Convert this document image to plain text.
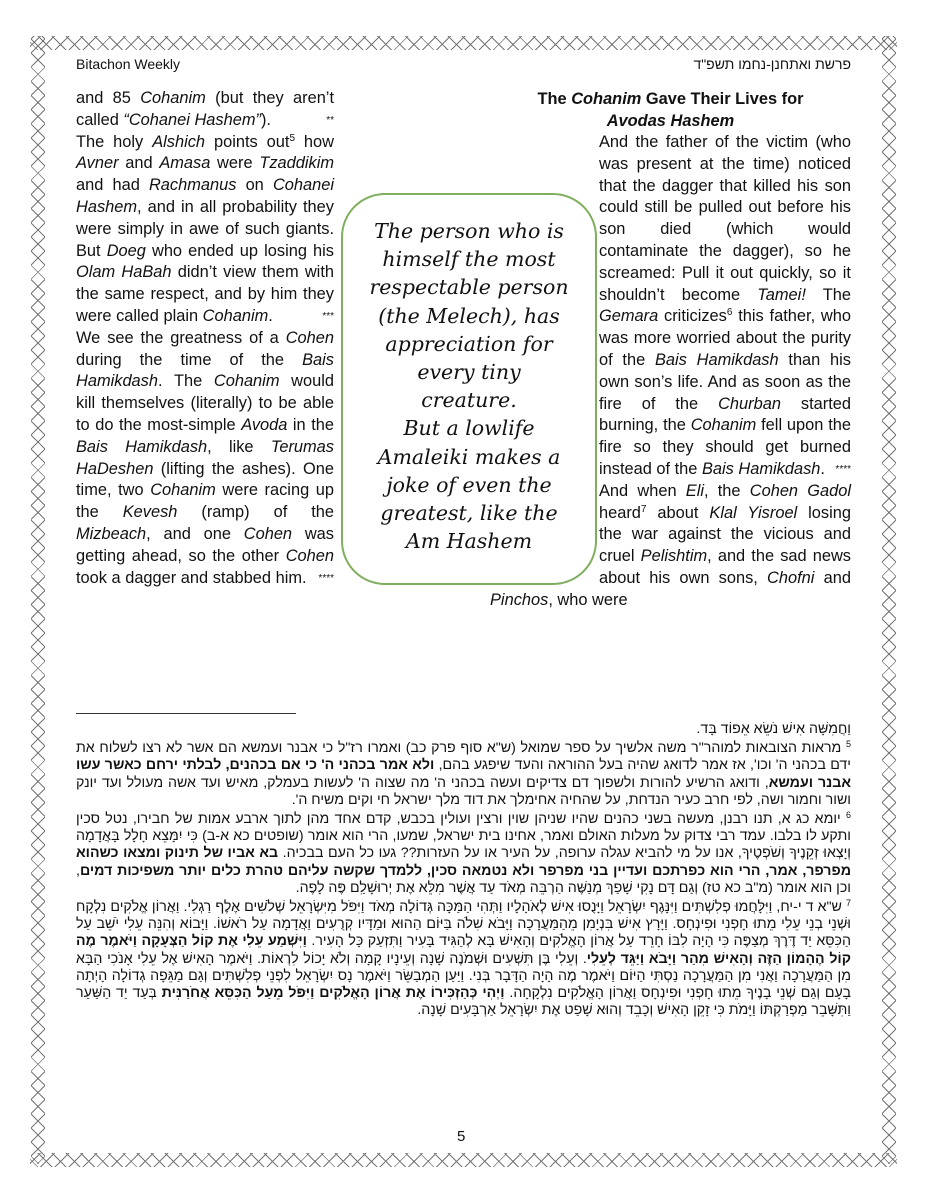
Bitachon Weekly	פרשת ואתחנן-נחמו תשפ"ד

and 85 Cohanim (but they aren’t called “Cohanei Hashem”).	**

The holy Alshich points out$^5$ how Avner and Amasa were Tzaddikim and had Rachmanus on Cohanei Hashem, and in all probability they were simply in awe of such giants. But Doeg who ended up losing his Olam HaBah didn’t view them with the same respect, and by him they were called plain Cohanim.	***

We see the greatness of a Cohen during the time of the Bais Hamikdash. The Cohanim would kill themselves (literally) to be able to do the most-simple Avoda in the Bais Hamikdash, like Terumas HaDeshen (lifting the ashes). One time, two Cohanim were racing up the Kevesh (ramp) of the Mizbeach, and one Cohen was getting ahead, so the other Cohen took a dagger and stabbed him. ****

The Cohanim Gave Their Lives for
Avodas Hashem

And the father of the victim (who was present at the time) noticed that the dagger that killed his son could still be pulled out before his son died (which would contaminate the dagger), so he screamed: Pull it out quickly, so it shouldn’t become Tamei! The Gemara criticizes$^6$ this father, who was more worried about the purity of the Bais Hamikdash than his own son’s life. And as soon as the fire of the Churban started burning, the Cohanim fell upon the fire so they should get burned instead of the Bais Hamikdash. ****

And when Eli, the Cohen Gadol heard$^7$ about Klal Yisroel losing the war against the vicious and cruel Pelishtim, and the sad news about his own sons, Chofni and Pinchos, who were

The person who is
himself the most
respectable person
(the Melech), has
appreciation for
every tiny
creature.
But a lowlife
Amaleiki makes a
joke of even the
greatest, like the
Am Hashem

וַחֲמִשָּׁה אִישׁ נֹשֵׂא אֵפוֹד בָּד.

$^5$ מראות הצובאות למוהר"ר משה אלשיך על ספר שמואל (ש"א סוף פרק כב) ואמרו רז"ל כי אבנר ועמשא הם אשר לא רצו לשלוח את ידם בכהני ה' וכו', אז אמר לדואג שהיה בעל ההוראה והעד שיפגע בהם, ולא אמר בכהני ה' כי אם בכהנים, לבלתי ירחם כאשר עשו אבנר ועמשא, ודואג הרשיע להורות ולשפוך דם צדיקים ועשה בכהני ה' מה שצוה ה' לעשות בעמלק, מאיש ועד אשה מעולל ועד יונק ושור וחמור ושה, לפי חרב כעיר הנדחת, על שהחיה אחימלך את דוד מלך ישראל חי וקים משיח ה'.

$^6$ יומא כג א, תנו רבנן, מעשה בשני כהנים שהיו שניהן שוין ורצין ועולין בכבש, קדם אחד מהן לתוך ארבע אמות של חבירו, נטל סכין ותקע לו בלבו. עמד רבי צדוק על מעלות האולם ואמר, אחינו בית ישראל, שמעו, הרי הוא אומר (שופטים כא א-ב) כִּי יִמָּצֵא חָלָל בָּאֲדָמָה וְיָצְאוּ זְקֵנֶיךָ וְשֹׁפְטֶיךָ, אנו על מי להביא עגלה ערופה, על העיר או על העזרות?? געו כל העם בבכיה. בא אביו של תינוק ומצאו כשהוא מפרפר, אמר, הרי הוא כפרתכם ועדיין בני מפרפר ולא נטמאה סכין, ללמדך שקשה עליהם טהרת כלים יותר משפיכות דמים, וכן הוא אומר (מ"ב כא טז) וְגַם דָּם נָקִי שָׁפַךְ מְנַשֶּׁה הַרְבֵּה מְאֹד עַד אֲשֶׁר מִלֵּא אֶת יְרוּשָׁלִַם פֶּה לָפֶה.

$^7$ ש"א ד י-יח, וַיִּלָּחֲמוּ פְלִשְׁתִּים וַיִּנָּגֶף יִשְׂרָאֵל וַיָּנֻסוּ אִישׁ לְאֹהָלָיו וַתְּהִי הַמַּכָּה גְּדוֹלָה מְאֹד וַיִּפֹּל מִיִּשְׂרָאֵל שְׁלֹשִׁים אֶלֶף רַגְלִי. וַאֲרוֹן אֱלֹקִים נִלְקָח וּשְׁנֵי בְנֵי עֵלִי מֵתוּ חָפְנִי וּפִינְחָס. וַיָּרָץ אִישׁ בִּנְיָמִן מֵהַמַּעֲרָכָה וַיָּבֹא שִׁלֹה בַּיּוֹם הַהוּא וּמַדָּיו קְרֻעִים וַאֲדָמָה עַל רֹאשׁוֹ. וַיָּבוֹא וְהִנֵּה עֵלִי יֹשֵׁב עַל הַכִּסֵּא יַד דֶּרֶךְ מְצַפֶּה כִּי הָיָה לִבּוֹ חָרֵד עַל אֲרוֹן הָאֱלֹקִים וְהָאִישׁ בָּא לְהַגִּיד בָּעִיר וַתִּזְעַק כָּל הָעִיר. וַיִּשְׁמַע עֵלִי אֶת קוֹל הַצְּעָקָה וַיֹּאמֶר מֶה קוֹל הֶהָמוֹן הַזֶּה וְהָאִישׁ מִהַר וַיָּבֹא וַיַּגֵּד לְעֵלִי. וְעֵלִי בֶּן תִּשְׁעִים וּשְׁמֹנֶה שָׁנָה וְעֵינָיו קָמָה וְלֹא יָכוֹל לִרְאוֹת. וַיֹּאמֶר הָאִישׁ אֶל עֵלִי אָנֹכִי הַבָּא מִן הַמַּעֲרָכָה וַאֲנִי מִן הַמַּעֲרָכָה נַסְתִּי הַיּוֹם וַיֹּאמֶר מֶה הָיָה הַדָּבָר בְּנִי. וַיַּעַן הַמְבַשֵּׂר וַיֹּאמֶר נָס יִשְׂרָאֵל לִפְנֵי פְלִשְׁתִּים וְגַם מַגֵּפָה גְדוֹלָה הָיְתָה בָעָם וְגַם שְׁנֵי בָנֶיךָ מֵתוּ חָפְנִי וּפִינְחָס וַאֲרוֹן הָאֱלֹקִים נִלְקָחָה. וַיְהִי כְּהַזְכִּירוֹ אֶת אֲרוֹן הָאֱלֹקִים וַיִּפֹּל מֵעַל הַכִּסֵּא אֲחֹרַנִּית בְּעַד יַד הַשַּׁעַר וַתִּשָּׁבֵר מַפְרַקְתּוֹ וַיָּמֹת כִּי זָקֵן הָאִישׁ וְכָבֵד וְהוּא שָׁפַט אֶת יִשְׂרָאֵל אַרְבָּעִים שָׁנָה.

5
